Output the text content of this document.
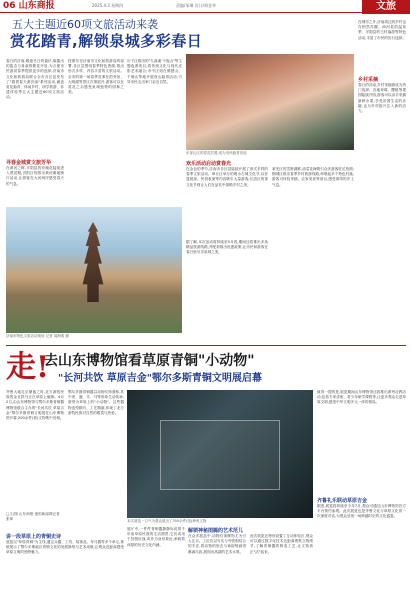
06 山东商报	2025.4.3 星期四	责编/邹琳 设计/胡金华	文旅
五大主题近60项文旅活动来袭
赏花踏青,解锁泉城多彩春日
春日的济南,暖意冬日的蛰伏,崭露出的姿态与喜欢的繁花开放,为万便市民游赏春季提供更多的选择,济南市文化和旅游局联合全市各区县发布了"跟着春天游济南"系列活动,涵盖赏花踏青、休闲乡村、研学旅游、非遗体验等五大主题近60项文旅活动。
按照东至济南市文化和旅游局的部署,各区县围绕春季特色资源,推出形式多样、内容丰富的文旅活动。全市的第一场春季花事在趵突泉、大明湖等景区次第展开,游客可以在赏花之余感受泉城独特的园林之美。
历下区推出的"九曲溪·不夜山"等主题夜游项目,将传统文化与现代光影艺术融合;市中区则在佛慧山、千佛山等地开展登山踏青活动,引导市民走出家门亲近自然。
东部山区的春花烂漫,成为市民踏青首选
欢乐活动启动赏春光
在金色的季节,济南市各区县陆续开展了形式多样的春季文旅活动。章丘区举办的明水古城文化节,以非遗展演、民俗表演等内容吸引大量游客;长清区的茶文化节则让人们在品茗中领略乡村之美。
莱芜区的雪野湖畔,油菜花海吸引众多游客驻足拍照;钢城区推出春季乡村旅游线路,串联起多个特色村落,游客可体验采摘、农家美食等项目,感受浓浓的乡土气息。
寻春金城赏文旅芳华
在黄河之畔,平阴县的玫瑰花陆续进入观赏期,济阳区则推出黄河滩地骑行活动,让游客在大河两岸感受春天的气息。
在城市之外,济南周边的乡村也在悄然苏醒。商河县的温泉季、平阴县的古村落游等特色活动,丰富了市民的出行选择。
乡村采摘
春日的济南,乡村采摘游成为热门选择。各地草莓、樱桃等果园陆续开园,游客可以亲手采摘新鲜水果,享受田园生活的乐趣,也为乡村振兴注入新的活力。
济南市特色文旅活动现场 记者 周海燕 摄
据了解,本次活动将持续至5月底,期间还将推出多条精品旅游线路,并配套推出优惠政策,让市民和游客在春日里尽享泉城之美。
走!
去山东博物馆看草原青铜"小动物"
"长河共饮 草原吉金"鄂尔多斯青铜文明展启幕
齐鲁大地礼乐鼎盛之时,北方游牧民族的金戈铁马正在草原上驰骋。4月2日,由山东博物馆与鄂尔多斯青铜器博物馆联合主办的"长河共饮 草原吉金"鄂尔多斯青铜文明展在山东博物馆开幕,200余件(套)文物集中亮相。
鄂尔多斯青铜器以动物纹饰著称,其中虎、鹿、羊、马等形象生动传神,被誉为草原上的"小动物"。这些器物造型精巧、工艺精湛,体现了北方游牧民族对自然的敬畏与热爱。
□文/图 山东商报·速豹新闻网记者 张琦
讲一段草原上的青铜史诗
展览以"草原青铜"为主线,通过兵器、工具、装饰品、车马器等多个单元,系统展示了鄂尔多斯地区青铜文化的发展脉络与艺术成就,让观众近距离感受草原文明的独特魅力。
本次展览一口气为观众展出了350余件(组)珍贵文物
展厅中,一件件青铜器静静诉说着千年前草原民族的生活图景,它们或用于狩猎征战,或作为身份象征,承载着深厚的历史文化内涵。
解锁神秘图腾的艺术范儿
在众多展品中,动物纹饰牌饰尤为引人注目。工匠们以写实与夸张相结合的手法,将动物的形态与神韵刻画得淋漓尽致,展现出高超的艺术水准。
此次展览还特别设置了互动体验区,观众可以通过数字化技术近距离观察文物细节,了解青铜器的铸造工艺,让文物真正"活"起来。
值得一提的是,展览期间山东博物馆还将推出系列社教活动,包括专家讲座、青少年研学课程等,让更多观众走进草原文明,感受中华文明多元一体的格局。
齐鲁礼乐联动草原吉金
据悉,展览将持续至今年7月,观众可通过山东博物馆官方平台预约参观。此次展览也是齐鲁文化与草原文化的一次深度对话,为观众呈现一场跨越时空的文化盛宴。
